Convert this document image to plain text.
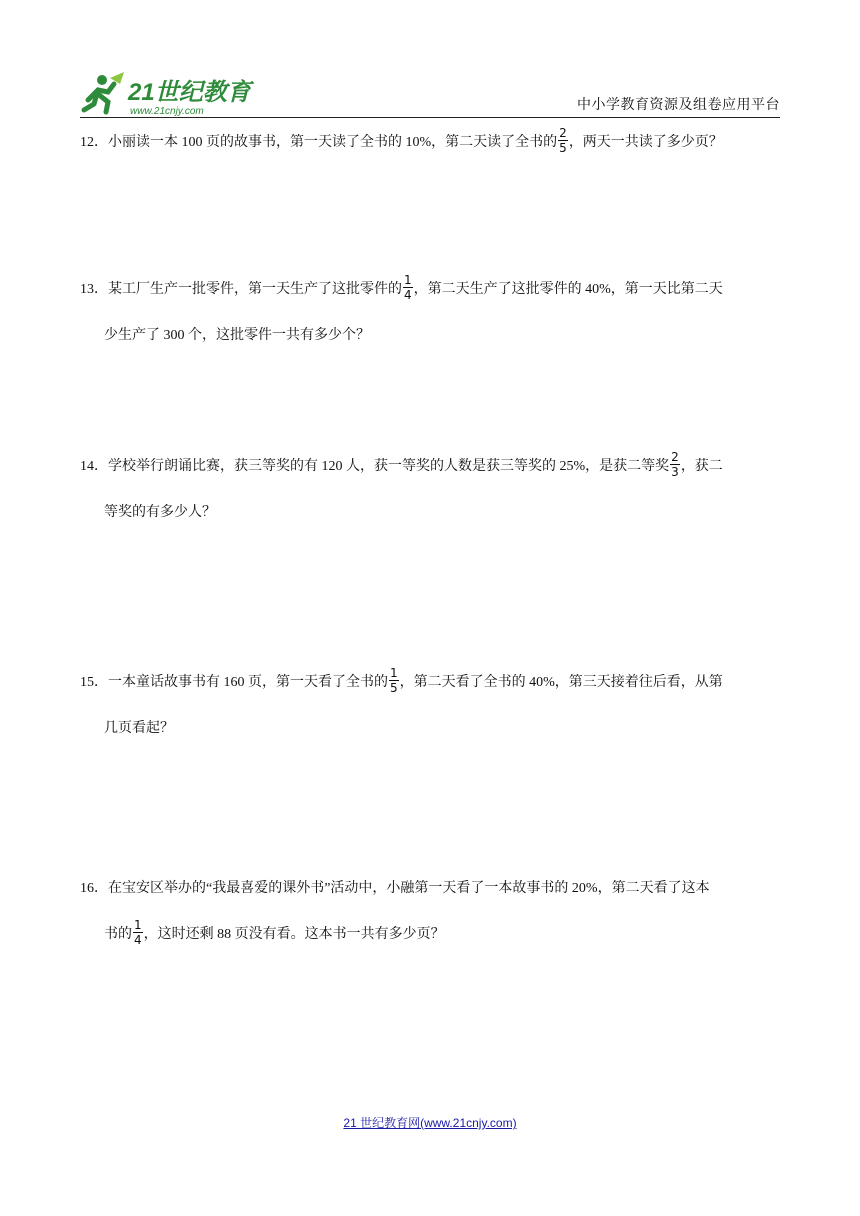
21世纪教育
www.21cnjy.com	中小学教育资源及组卷应用平台
12．小丽读一本 100 页的故事书，第一天读了全书的 10%，第二天读了全书的 $\frac{2}{5}$ ，两天一共读了多少页？
13．某工厂生产一批零件，第一天生产了这批零件的 $\frac{1}{4}$ ，第二天生产了这批零件的 40%，第一天比第二天
少生产了 300 个，这批零件一共有多少个？
14．学校举行朗诵比赛，获三等奖的有 120 人，获一等奖的人数是获三等奖的 25%，是获二等奖 $\frac{2}{3}$ ，获二
等奖的有多少人？
15．一本童话故事书有 160 页，第一天看了全书的 $\frac{1}{5}$ ，第二天看了全书的 40%，第三天接着往后看，从第
几页看起？
16．在宝安区举办的“我最喜爱的课外书”活动中，小融第一天看了一本故事书的 20%，第二天看了这本
书的 $\frac{1}{4}$ ，这时还剩 88 页没有看。这本书一共有多少页？
21 世纪教育网(www.21cnjy.com)
